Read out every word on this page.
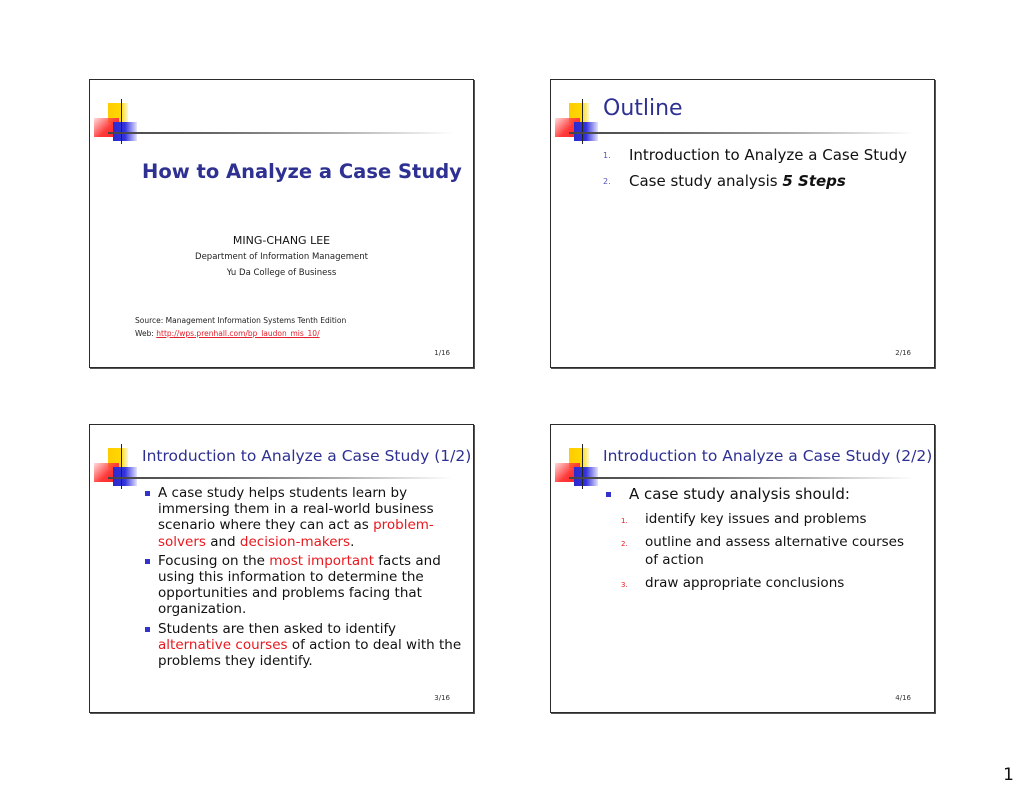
How to Analyze a Case Study
MING-CHANG LEE
Department of Information Management
Yu Da College of Business
Source: Management Information Systems Tenth Edition
Web: http://wps.prenhall.com/bp_laudon_mis_10/
1/16
Outline
1. Introduction to Analyze a Case Study
2. Case study analysis 5 Steps
2/16
Introduction to Analyze a Case Study (1/2)
A case study helps students learn by immersing them in a real-world business scenario where they can act as problem-solvers and decision-makers.
Focusing on the most important facts and using this information to determine the opportunities and problems facing that organization.
Students are then asked to identify alternative courses of action to deal with the problems they identify.
3/16
Introduction to Analyze a Case Study (2/2)
A case study analysis should:
1. identify key issues and problems
2. outline and assess alternative courses of action
3. draw appropriate conclusions
4/16
1
